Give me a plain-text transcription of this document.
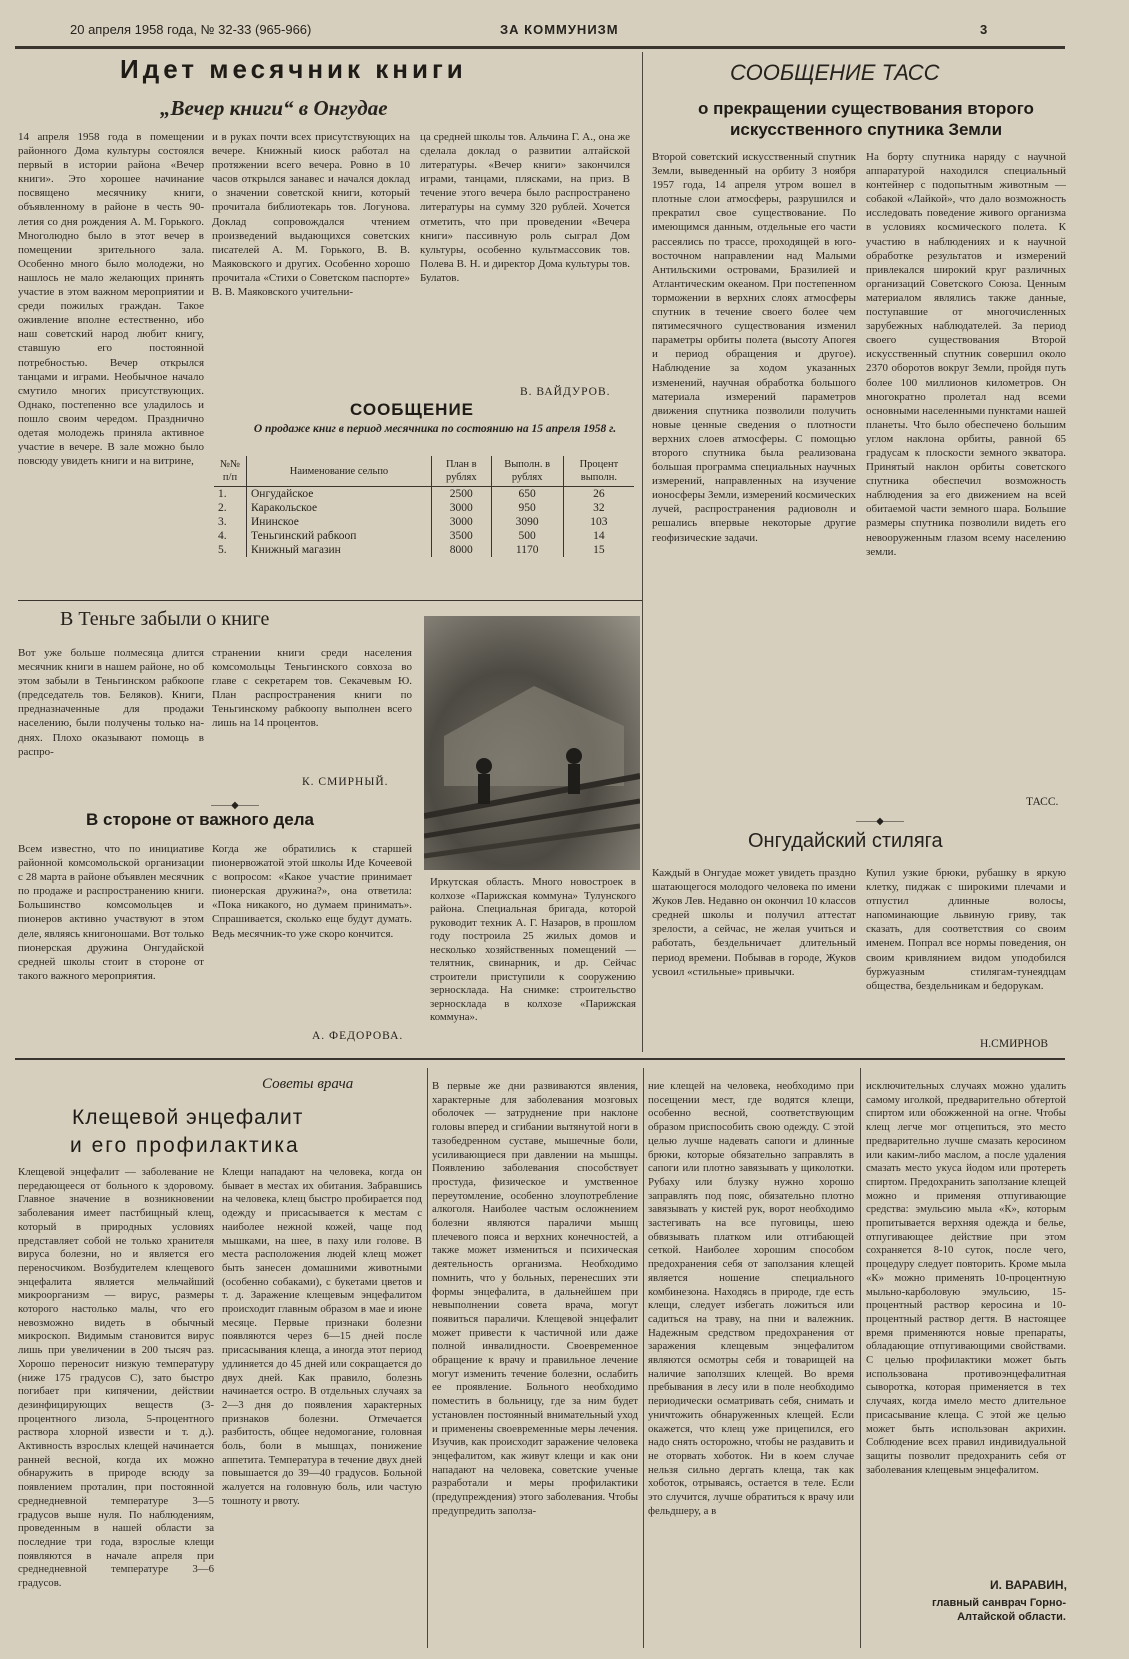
20 апреля 1958 года, № 32-33 (965-966)	ЗА КОММУНИЗМ	3
Идет месячник книги
„Вечер книги“ в Онгудае
14 апреля 1958 года в помещении районного Дома культуры состоялся первый в истории района «Вечер книги». Это хорошее начинание посвящено месячнику книги, объявленному в районе в честь 90-летия со дня рождения А. М. Горького. Многолюдно было в этот вечер в помещении зрительного зала. Особенно много было молодежи, но нашлось не мало желающих принять участие в этом важном мероприятии и среди пожилых граждан. Такое оживление вполне естественно, ибо наш советский народ любит книгу, ставшую его постоянной потребностью. Вечер открылся танцами и играми. Необычное начало смутило многих присутствующих. Однако, постепенно все уладилось и пошло своим чередом. Празднично одетая молодежь приняла активное участие в вечере. В зале можно было повсюду увидеть книги и на витрине,
и в руках почти всех присутствующих на вечере. Книжный киоск работал на протяжении всего вечера. Ровно в 10 часов открылся занавес и начался доклад о значении советской книги, который прочитала библиотекарь тов. Логунова. Доклад сопровождался чтением произведений выдающихся советских писателей А. М. Горького, В. В. Маяковского и других. Особенно хорошо прочитала «Стихи о Советском паспорте» В. В. Маяковского учительни-
ца средней школы тов. Альчина Г. А., она же сделала доклад о развитии алтайской литературы. «Вечер книги» закончился играми, танцами, плясками, на приз. В течение этого вечера было распространено литературы на сумму 320 рублей. Хочется отметить, что при проведении «Вечера книги» пассивную роль сыграл Дом культуры, особенно культмассовик тов. Полева В. Н. и директор Дома культуры тов. Булатов.
В. ВАЙДУРОВ.
СООБЩЕНИЕ
О продаже книг в период месячника по состоянию на 15 апреля 1958 г.
№№ п/п	Наименование сельпо	План в рублях	Выполн. в рублях	Процент выполн.
1.	Онгудайское	2500	650	26
2.	Каракольское	3000	950	32
3.	Ининское	3000	3090	103
4.	Теньгинский рабкооп	3500	500	14
5.	Книжный магазин	8000	1170	15
В Теньге забыли о книге
Вот уже больше полмесяца длится месячник книги в нашем районе, но об этом забыли в Теньгинском рабкоопе (председатель тов. Беляков). Книги, предназначенные для продажи населению, были получены только на-днях. Плохо оказывают помощь в распро-
странении книги среди населения комсомольцы Теньгинского совхоза во главе с секретарем тов. Секачевым Ю. План распространения книги по Теньгинскому рабкоопу выполнен всего лишь на 14 процентов.
К. СМИРНЫЙ.
——◆——
В стороне от важного дела
Всем известно, что по инициативе районной комсомольской организации с 28 марта в районе объявлен месячник по продаже и распространению книги. Большинство комсомольцев и пионеров активно участвуют в этом деле, являясь книгоношами. Вот только пионерская дружина Онгудайской средней школы стоит в стороне от такого важного мероприятия.
Когда же обратились к старшей пионервожатой этой школы Иде Кочеевой с вопросом: «Какое участие принимает пионерская дружина?», она ответила: «Пока никакого, но думаем принимать». Спрашивается, сколько еще будут думать. Ведь месячник-то уже скоро кончится.
А. ФЕДОРОВА.
Иркутская область. Много новостроек в колхозе «Парижская коммуна» Тулунского района. Специальная бригада, которой руководит техник А. Г. Назаров, в прошлом году построила 25 жилых домов и несколько хозяйственных помещений — телятник, свинарник, и др. Сейчас строители приступили к сооружению зерносклада. На снимке: строительство зерносклада в колхозе «Парижская коммуна».
СООБЩЕНИЕ ТАСС
о прекращении существования второго искусственного спутника Земли
Второй советский искусственный спутник Земли, выведенный на орбиту 3 ноября 1957 года, 14 апреля утром вошел в плотные слои атмосферы, разрушился и прекратил свое существование. По имеющимся данным, отдельные его части рассеялись по трассе, проходящей в юго-восточном направлении над Малыми Антильскими островами, Бразилией и Атлантическим океаном. При постепенном торможении в верхних слоях атмосферы спутник в течение своего более чем пятимесячного существования изменил параметры орбиты полета (высоту Апогея и период обращения и другое). Наблюдение за ходом указанных изменений, научная обработка большого материала измерений параметров движения спутника позволили получить новые ценные сведения о плотности верхних слоев атмосферы. С помощью второго спутника была реализована большая программа специальных научных измерений, направленных на изучение ионосферы Земли, измерений космических лучей, распространения радиоволн и решались впервые некоторые другие геофизические задачи.
На борту спутника наряду с научной аппаратурой находился специальный контейнер с подопытным животным — собакой «Лайкой», что дало возможность исследовать поведение живого организма в условиях космического полета. К участию в наблюдениях и к научной обработке результатов и измерений привлекался широкий круг различных организаций Советского Союза. Ценным материалом являлись также данные, поступавшие от многочисленных зарубежных наблюдателей. За период своего существования Второй искусственный спутник совершил около 2370 оборотов вокруг Земли, пройдя путь более 100 миллионов километров. Он многократно пролетал над всеми основными населенными пунктами нашей планеты. Что было обеспечено большим углом наклона орбиты, равной 65 градусам к плоскости земного экватора. Принятый наклон орбиты советского спутника обеспечил возможность наблюдения за его движением на всей обитаемой части земного шара. Большие размеры спутника позволили видеть его невооруженным глазом всему населению земли.
ТАСС.
——◆——
Онгудайский стиляга
Каждый в Онгудае может увидеть праздно шатающегося молодого человека по имени Жуков Лев. Недавно он окончил 10 классов средней школы и получил аттестат зрелости, а сейчас, не желая учиться и работать, бездельничает длительный период времени. Побывав в городе, Жуков усвоил «стильные» привычки.
Купил узкие брюки, рубашку в яркую клетку, пиджак с широкими плечами и отпустил длинные волосы, напоминающие львиную гриву, так сказать, для соответствия со своим именем. Попрал все нормы поведения, он своим кривлянием видом уподобился буржуазным стилягам-тунеядцам общества, бездельникам и бедорукам.
Н.СМИРНОВ
Советы врача
Клещевой энцефалит
и его профилактика
Клещевой энцефалит — заболевание не передающееся от больного к здоровому. Главное значение в возникновении заболевания имеет пастбищный клещ, который в природных условиях представляет собой не только хранителя вируса болезни, но и является его переносчиком. Возбудителем клещевого энцефалита является мельчайший микроорганизм — вирус, размеры которого настолько малы, что его невозможно видеть в обычный микроскоп. Видимым становится вирус лишь при увеличении в 200 тысяч раз. Хорошо переносит низкую температуру (ниже 175 градусов С), зато быстро погибает при кипячении, действии дезинфицирующих веществ (3-процентного лизола, 5-процентного раствора хлорной извести и т. д.). Активность взрослых клещей начинается ранней весной, когда их можно обнаружить в природе всюду за появлением проталин, при постоянной среднедневной температуре 3—5 градусов выше нуля. По наблюдениям, проведенным в нашей области за последние три года, взрослые клещи появляются в начале апреля при среднедневной температуре 3—6 градусов.
Клещи нападают на человека, когда он бывает в местах их обитания. Забравшись на человека, клещ быстро пробирается под одежду и присасывается к местам с наиболее нежной кожей, чаще под мышками, на шее, в паху или голове. В места расположения людей клещ может быть занесен домашними животными (особенно собаками), с букетами цветов и т. д. Заражение клещевым энцефалитом происходит главным образом в мае и июне месяце. Первые признаки болезни появляются через 6—15 дней после присасывания клеща, а иногда этот период удлиняется до 45 дней или сокращается до двух дней. Как правило, болезнь начинается остро. В отдельных случаях за 2—3 дня до появления характерных признаков болезни. Отмечается разбитость, общее недомогание, головная боль, боли в мышцах, понижение аппетита. Температура в течение двух дней повышается до 39—40 градусов. Больной жалуется на головную боль, или частую тошноту и рвоту.
В первые же дни развиваются явления, характерные для заболевания мозговых оболочек — затруднение при наклоне головы вперед и сгибании вытянутой ноги в тазобедренном суставе, мышечные боли, усиливающиеся при давлении на мышцы. Появлению заболевания способствует простуда, физическое и умственное переутомление, особенно злоупотребление алкоголя. Наиболее частым осложнением болезни являются параличи мышц плечевого пояса и верхних конечностей, а также может измениться и психическая деятельность организма. Необходимо помнить, что у больных, перенесших эти формы энцефалита, в дальнейшем при невыполнении совета врача, могут появиться параличи. Клещевой энцефалит может привести к частичной или даже полной инвалидности. Своевременное обращение к врачу и правильное лечение могут изменить течение болезни, ослабить ее проявление. Больного необходимо поместить в больницу, где за ним будет установлен постоянный внимательный уход и применены своевременные меры лечения. Изучив, как происходит заражение человека энцефалитом, как живут клещи и как они нападают на человека, советские ученые разработали и меры профилактики (предупреждения) этого заболевания. Чтобы предупредить заполза-
ние клещей на человека, необходимо при посещении мест, где водятся клещи, особенно весной, соответствующим образом приспособить свою одежду. С этой целью лучше надевать сапоги и длинные брюки, которые обязательно заправлять в сапоги или плотно завязывать у щиколотки. Рубаху или блузку нужно хорошо заправлять под пояс, обязательно плотно завязывать у кистей рук, ворот необходимо застегивать на все пуговицы, шею обвязывать платком или отгибающей сеткой. Наиболее хорошим способом предохранения себя от заползания клещей является ношение специального комбинезона. Находясь в природе, где есть клещи, следует избегать ложиться или садиться на траву, на пни и валежник. Надежным средством предохранения от заражения клещевым энцефалитом являются осмотры себя и товарищей на наличие заползших клещей. Во время пребывания в лесу или в поле необходимо периодически осматривать себя, снимать и уничтожить обнаруженных клещей. Если окажется, что клещ уже прицепился, его надо снять осторожно, чтобы не раздавить и не оторвать хоботок. Ни в коем случае нельзя сильно дергать клеща, так как хоботок, отрываясь, остается в теле. Если это случится, лучше обратиться к врачу или фельдшеру, а в
исключительных случаях можно удалить самому иголкой, предварительно обтертой спиртом или обожженной на огне. Чтобы клещ легче мог отцепиться, это место предварительно лучше смазать керосином или каким-либо маслом, а после удаления смазать место укуса йодом или протереть спиртом. Предохранить заползание клещей можно и применяя отпугивающие средства: эмульсию мыла «К», которым пропитывается верхняя одежда и белье, отпугивающее действие при этом сохраняется 8-10 суток, после чего, процедуру следует повторить. Кроме мыла «К» можно применять 10-процентную мыльно-карболовую эмульсию, 15-процентный раствор керосина и 10-процентный раствор дегтя. В настоящее время применяются новые препараты, обладающие отпугивающими свойствами. С целью профилактики может быть использована противоэнцефалитная сыворотка, которая применяется в тех случаях, когда имело место длительное присасывание клеща. С этой же целью может быть использован акрихин. Соблюдение всех правил индивидуальной защиты позволит предохранить себя от заболевания клещевым энцефалитом.
И. ВАРАВИН,
главный санврач Горно-Алтайской области.
